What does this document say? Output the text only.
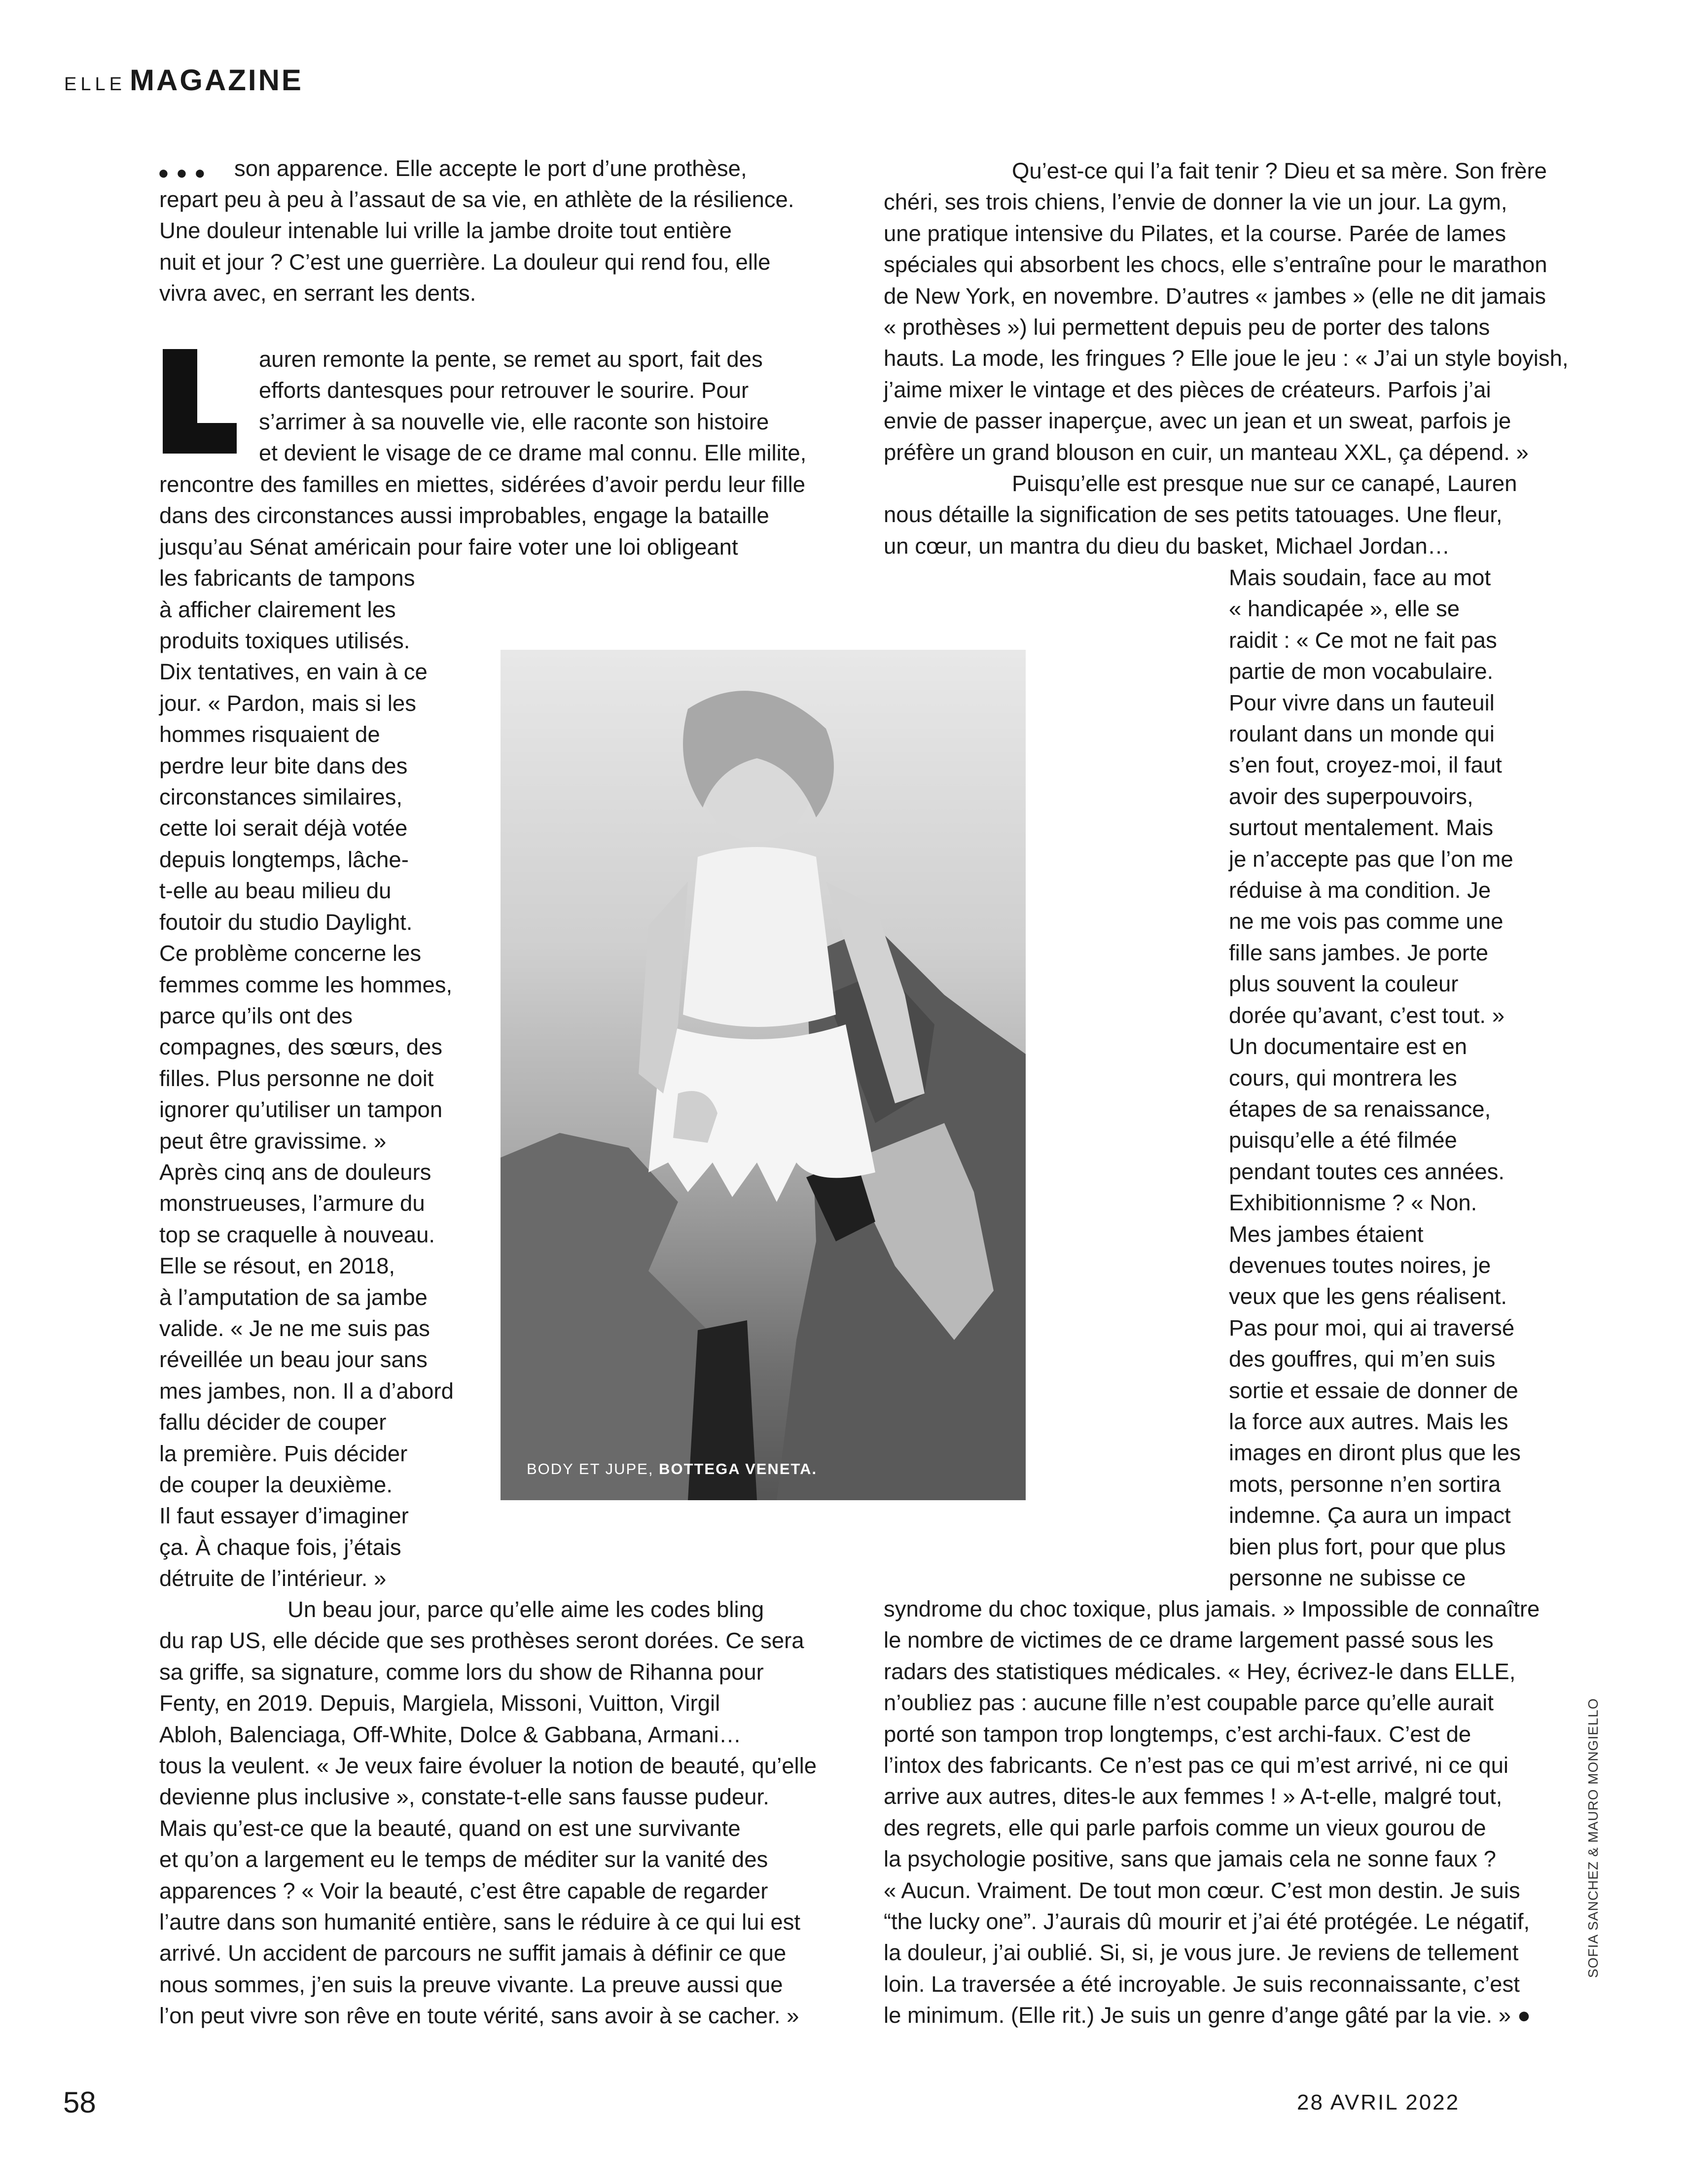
ELLE MAGAZINE
●●● son apparence. Elle accepte le port d’une prothèse,
repart peu à peu à l’assaut de sa vie, en athlète de la résilience.
Une douleur intenable lui vrille la jambe droite tout entière
nuit et jour ? C’est une guerrière. La douleur qui rend fou, elle
vivra avec, en serrant les dents.
auren remonte la pente, se remet au sport, fait des
efforts dantesques pour retrouver le sourire. Pour
s’arrimer à sa nouvelle vie, elle raconte son histoire
et devient le visage de ce drame mal connu. Elle milite,
rencontre des familles en miettes, sidérées d’avoir perdu leur fille
dans des circonstances aussi improbables, engage la bataille
jusqu’au Sénat américain pour faire voter une loi obligeant
les fabricants de tampons
à afficher clairement les
produits toxiques utilisés.
Dix tentatives, en vain à ce
jour. « Pardon, mais si les
hommes risquaient de
perdre leur bite dans des
circonstances similaires,
cette loi serait déjà votée
depuis longtemps, lâche-
t-elle au beau milieu du
foutoir du studio Daylight.
Ce problème concerne les
femmes comme les hommes,
parce qu’ils ont des
compagnes, des sœurs, des
filles. Plus personne ne doit
ignorer qu’utiliser un tampon
peut être gravissime. »
Après cinq ans de douleurs
monstrueuses, l’armure du
top se craquelle à nouveau.
Elle se résout, en 2018,
à l’amputation de sa jambe
valide. « Je ne me suis pas
réveillée un beau jour sans
mes jambes, non. Il a d’abord
fallu décider de couper
la première. Puis décider
de couper la deuxième.
Il faut essayer d’imaginer
ça. À chaque fois, j’étais
détruite de l’intérieur. »
Un beau jour, parce qu’elle aime les codes bling
du rap US, elle décide que ses prothèses seront dorées. Ce sera
sa griffe, sa signature, comme lors du show de Rihanna pour
Fenty, en 2019. Depuis, Margiela, Missoni, Vuitton, Virgil
Abloh, Balenciaga, Off-White, Dolce & Gabbana, Armani…
tous la veulent. « Je veux faire évoluer la notion de beauté, qu’elle
devienne plus inclusive », constate-t-elle sans fausse pudeur.
Mais qu’est-ce que la beauté, quand on est une survivante
et qu’on a largement eu le temps de méditer sur la vanité des
apparences ? « Voir la beauté, c’est être capable de regarder
l’autre dans son humanité entière, sans le réduire à ce qui lui est
arrivé. Un accident de parcours ne suffit jamais à définir ce que
nous sommes, j’en suis la preuve vivante. La preuve aussi que
l’on peut vivre son rêve en toute vérité, sans avoir à se cacher. »
Qu’est-ce qui l’a fait tenir ? Dieu et sa mère. Son frère
chéri, ses trois chiens, l’envie de donner la vie un jour. La gym,
une pratique intensive du Pilates, et la course. Parée de lames
spéciales qui absorbent les chocs, elle s’entraîne pour le marathon
de New York, en novembre. D’autres « jambes » (elle ne dit jamais
« prothèses ») lui permettent depuis peu de porter des talons
hauts. La mode, les fringues ? Elle joue le jeu : « J’ai un style boyish,
j’aime mixer le vintage et des pièces de créateurs. Parfois j’ai
envie de passer inaperçue, avec un jean et un sweat, parfois je
préfère un grand blouson en cuir, un manteau XXL, ça dépend. »
Puisqu’elle est presque nue sur ce canapé, Lauren
nous détaille la signification de ses petits tatouages. Une fleur,
un cœur, un mantra du dieu du basket, Michael Jordan…
Mais soudain, face au mot
« handicapée », elle se
raidit : « Ce mot ne fait pas
partie de mon vocabulaire.
Pour vivre dans un fauteuil
roulant dans un monde qui
s’en fout, croyez-moi, il faut
avoir des superpouvoirs,
surtout mentalement. Mais
je n’accepte pas que l’on me
réduise à ma condition. Je
ne me vois pas comme une
fille sans jambes. Je porte
plus souvent la couleur
dorée qu’avant, c’est tout. »
Un documentaire est en
cours, qui montrera les
étapes de sa renaissance,
puisqu’elle a été filmée
pendant toutes ces années.
Exhibitionnisme ? « Non.
Mes jambes étaient
devenues toutes noires, je
veux que les gens réalisent.
Pas pour moi, qui ai traversé
des gouffres, qui m’en suis
sortie et essaie de donner de
la force aux autres. Mais les
images en diront plus que les
mots, personne n’en sortira
indemne. Ça aura un impact
bien plus fort, pour que plus
personne ne subisse ce
syndrome du choc toxique, plus jamais. » Impossible de connaître
le nombre de victimes de ce drame largement passé sous les
radars des statistiques médicales. « Hey, écrivez-le dans ELLE,
n’oubliez pas : aucune fille n’est coupable parce qu’elle aurait
porté son tampon trop longtemps, c’est archi-faux. C’est de
l’intox des fabricants. Ce n’est pas ce qui m’est arrivé, ni ce qui
arrive aux autres, dites-le aux femmes ! » A-t-elle, malgré tout,
des regrets, elle qui parle parfois comme un vieux gourou de
la psychologie positive, sans que jamais cela ne sonne faux ?
« Aucun. Vraiment. De tout mon cœur. C’est mon destin. Je suis
“the lucky one”. J’aurais dû mourir et j’ai été protégée. Le négatif,
la douleur, j’ai oublié. Si, si, je vous jure. Je reviens de tellement
loin. La traversée a été incroyable. Je suis reconnaissante, c’est
le minimum. (Elle rit.) Je suis un genre d’ange gâté par la vie. » ●
BODY ET JUPE, BOTTEGA VENETA.
SOFIA SANCHEZ & MAURO MONGIELLO
58	28 AVRIL 2022
